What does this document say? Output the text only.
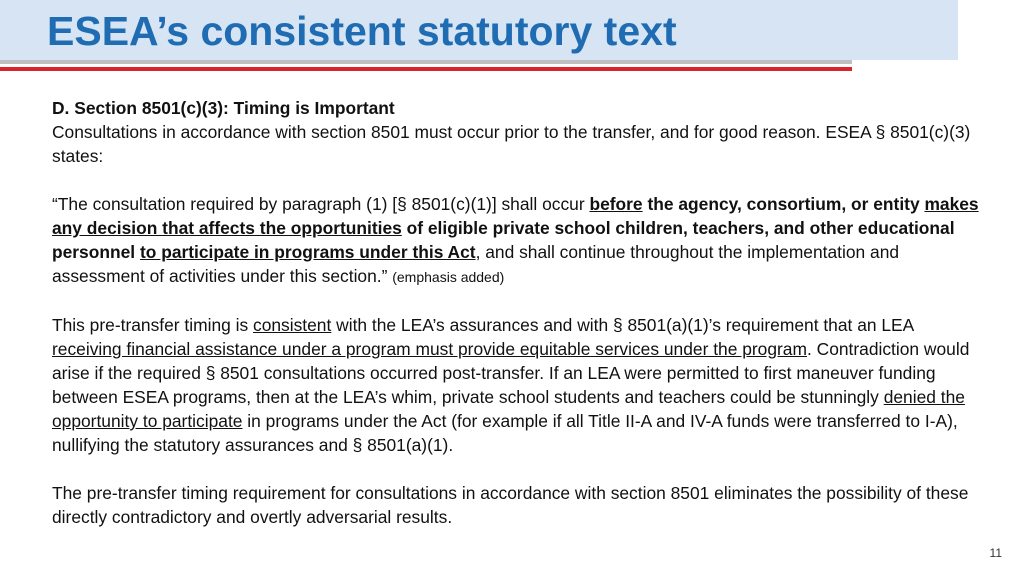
ESEA’s consistent statutory text

D. Section 8501(c)(3): Timing is Important

Consultations in accordance with section 8501 must occur prior to the transfer, and for good reason. ESEA § 8501(c)(3) states:

“The consultation required by paragraph (1) [§ 8501(c)(1)] shall occur before the agency, consortium, or entity makes any decision that affects the opportunities of eligible private school children, teachers, and other educational personnel to participate in programs under this Act, and shall continue throughout the implementation and assessment of activities under this section.” (emphasis added)

This pre-transfer timing is consistent with the LEA’s assurances and with § 8501(a)(1)’s requirement that an LEA receiving financial assistance under a program must provide equitable services under the program. Contradiction would arise if the required § 8501 consultations occurred post-transfer. If an LEA were permitted to first maneuver funding between ESEA programs, then at the LEA’s whim, private school students and teachers could be stunningly denied the opportunity to participate in programs under the Act (for example if all Title II-A and IV-A funds were transferred to I-A), nullifying the statutory assurances and § 8501(a)(1).

The pre-transfer timing requirement for consultations in accordance with section 8501 eliminates the possibility of these directly contradictory and overtly adversarial results.

11
